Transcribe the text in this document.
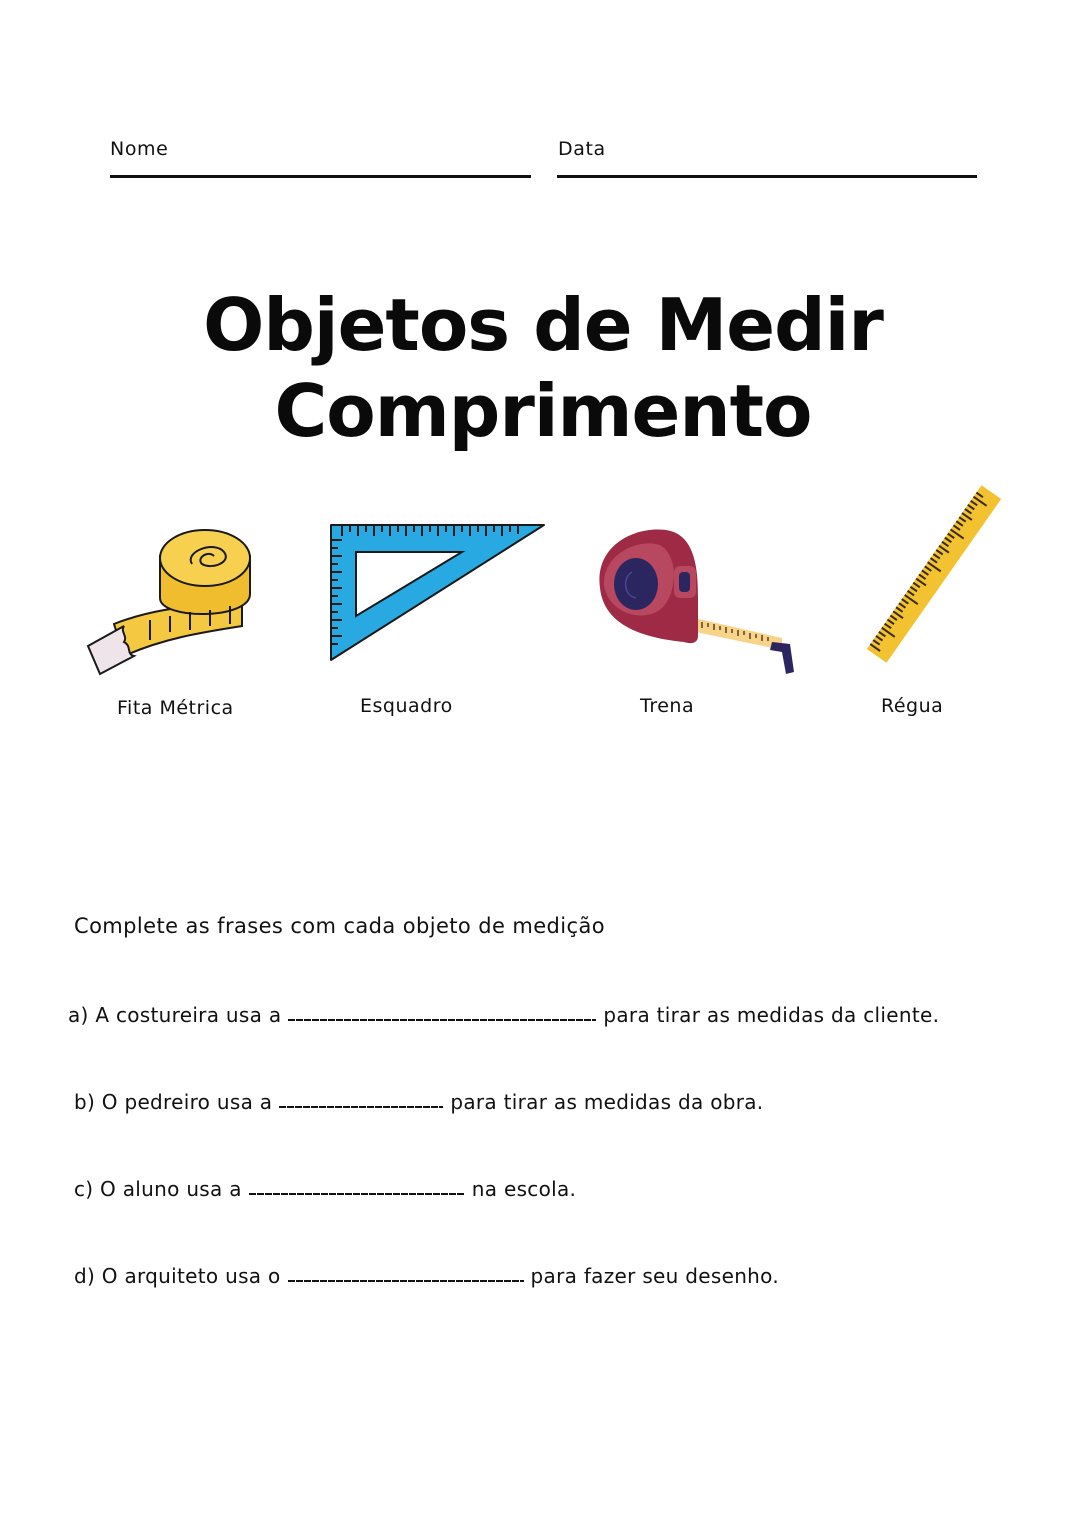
Nome	Data
Objetos de Medir
Comprimento
Fita Métrica	Esquadro	Trena	Régua
Complete as frases com cada objeto de medição
a) A costureira usa a	para tirar as medidas da cliente.
b) O pedreiro usa a	para tirar as medidas da obra.
c) O aluno usa a	na escola.
d) O arquiteto usa o	para fazer seu desenho.
